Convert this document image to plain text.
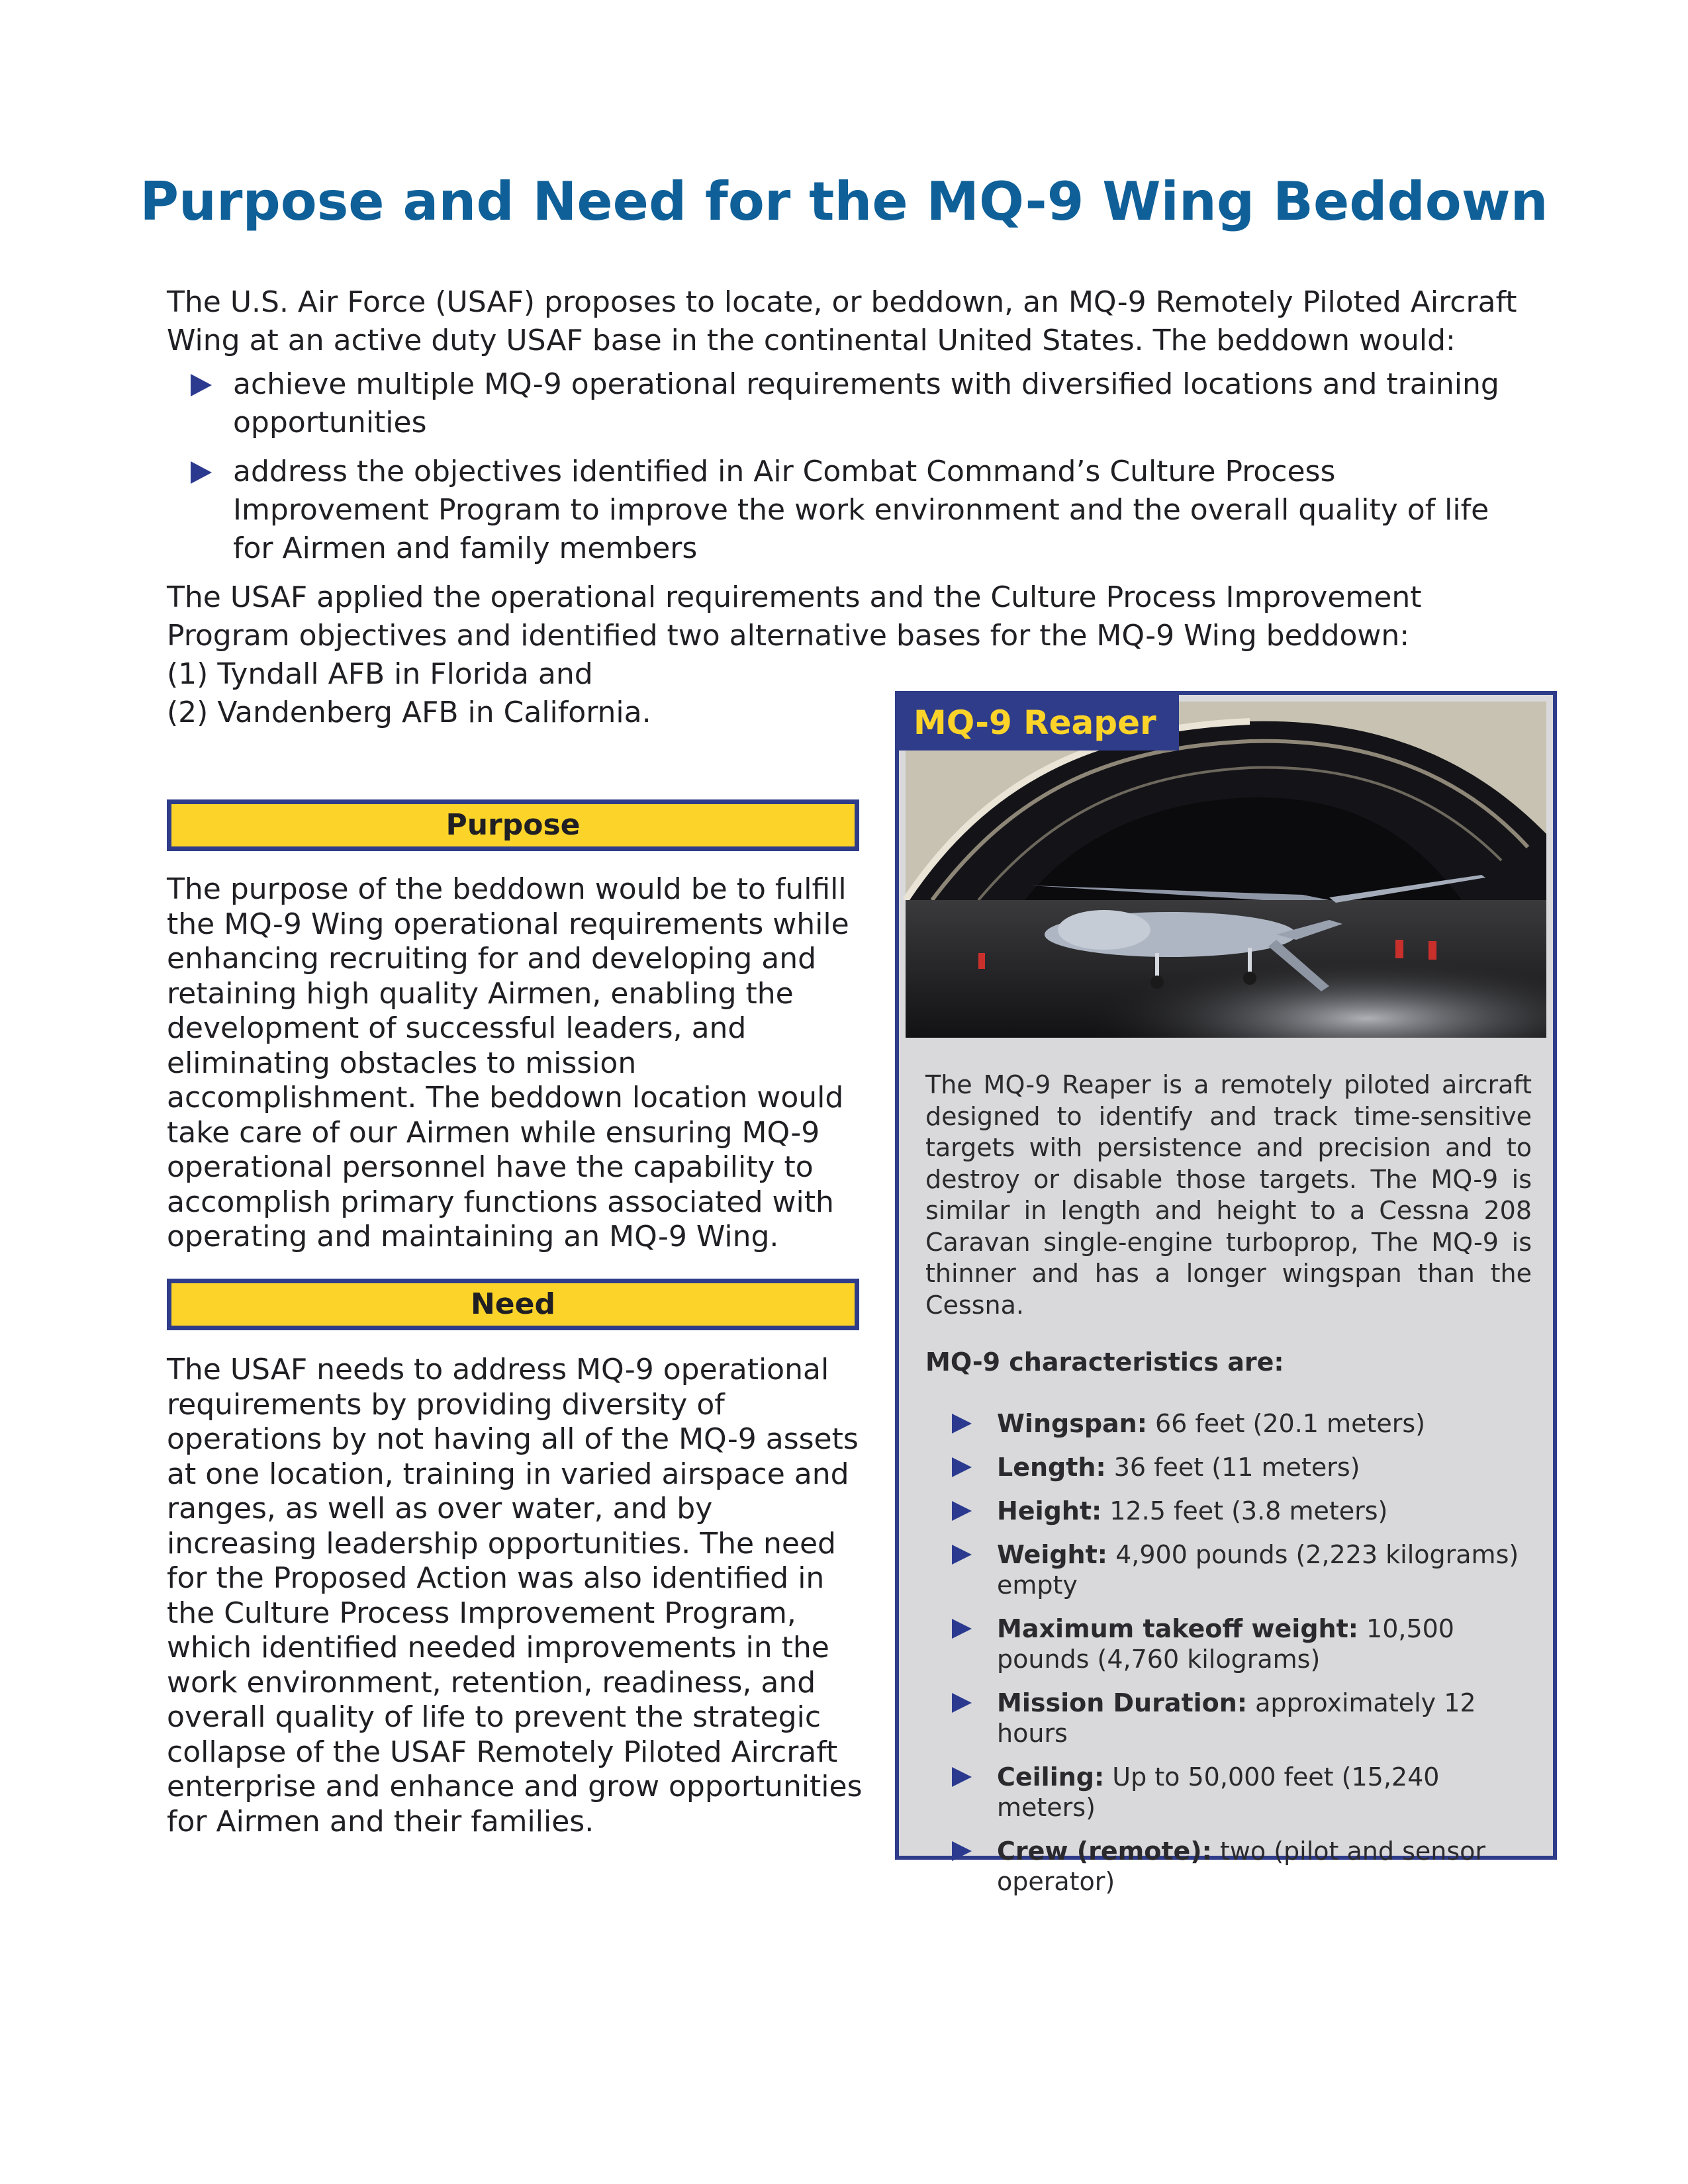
Purpose and Need for the MQ-9 Wing Beddown

The U.S. Air Force (USAF) proposes to locate, or beddown, an MQ-9 Remotely Piloted Aircraft Wing at an active duty USAF base in the continental United States. The beddown would:

achieve multiple MQ-9 operational requirements with diversified locations and training opportunities
address the objectives identified in Air Combat Command’s Culture Process Improvement Program to improve the work environment and the overall quality of life for Airmen and family members

The USAF applied the operational requirements and the Culture Process Improvement Program objectives and identified two alternative bases for the MQ-9 Wing beddown:

(1) Tyndall AFB in Florida and

(2) Vandenberg AFB in California.

Purpose
The purpose of the beddown would be to fulfill the MQ-9 Wing operational requirements while enhancing recruiting for and developing and retaining high quality Airmen, enabling the development of successful leaders, and eliminating obstacles to mission accomplishment. The beddown location would take care of our Airmen while ensuring MQ-9 operational personnel have the capability to accomplish primary functions associated with operating and maintaining an MQ-9 Wing.
Need
The USAF needs to address MQ-9 operational requirements by providing diversity of operations by not having all of the MQ-9 assets at one location, training in varied airspace and ranges, as well as over water, and by increasing leadership opportunities. The need for the Proposed Action was also identified in the Culture Process Improvement Program, which identified needed improvements in the work environment, retention, readiness, and overall quality of life to prevent the strategic collapse of the USAF Remotely Piloted Aircraft enterprise and enhance and grow opportunities for Airmen and their families.
MQ-9 Reaper
The MQ-9 Reaper is a remotely piloted aircraft designed to identify and track time-sensitive targets with persistence and precision and to destroy or disable those targets. The MQ-9 is similar in length and height to a Cessna 208 Caravan single-engine turboprop, The MQ-9 is thinner and has a longer wingspan than the Cessna.
MQ-9 characteristics are:
Wingspan: 66 feet (20.1 meters)
Length: 36 feet (11 meters)
Height: 12.5 feet (3.8 meters)
Weight: 4,900 pounds (2,223 kilograms) empty
Maximum takeoff weight: 10,500 pounds (4,760 kilograms)
Mission Duration: approximately 12 hours
Ceiling: Up to 50,000 feet (15,240 meters)
Crew (remote): two (pilot and sensor operator)
